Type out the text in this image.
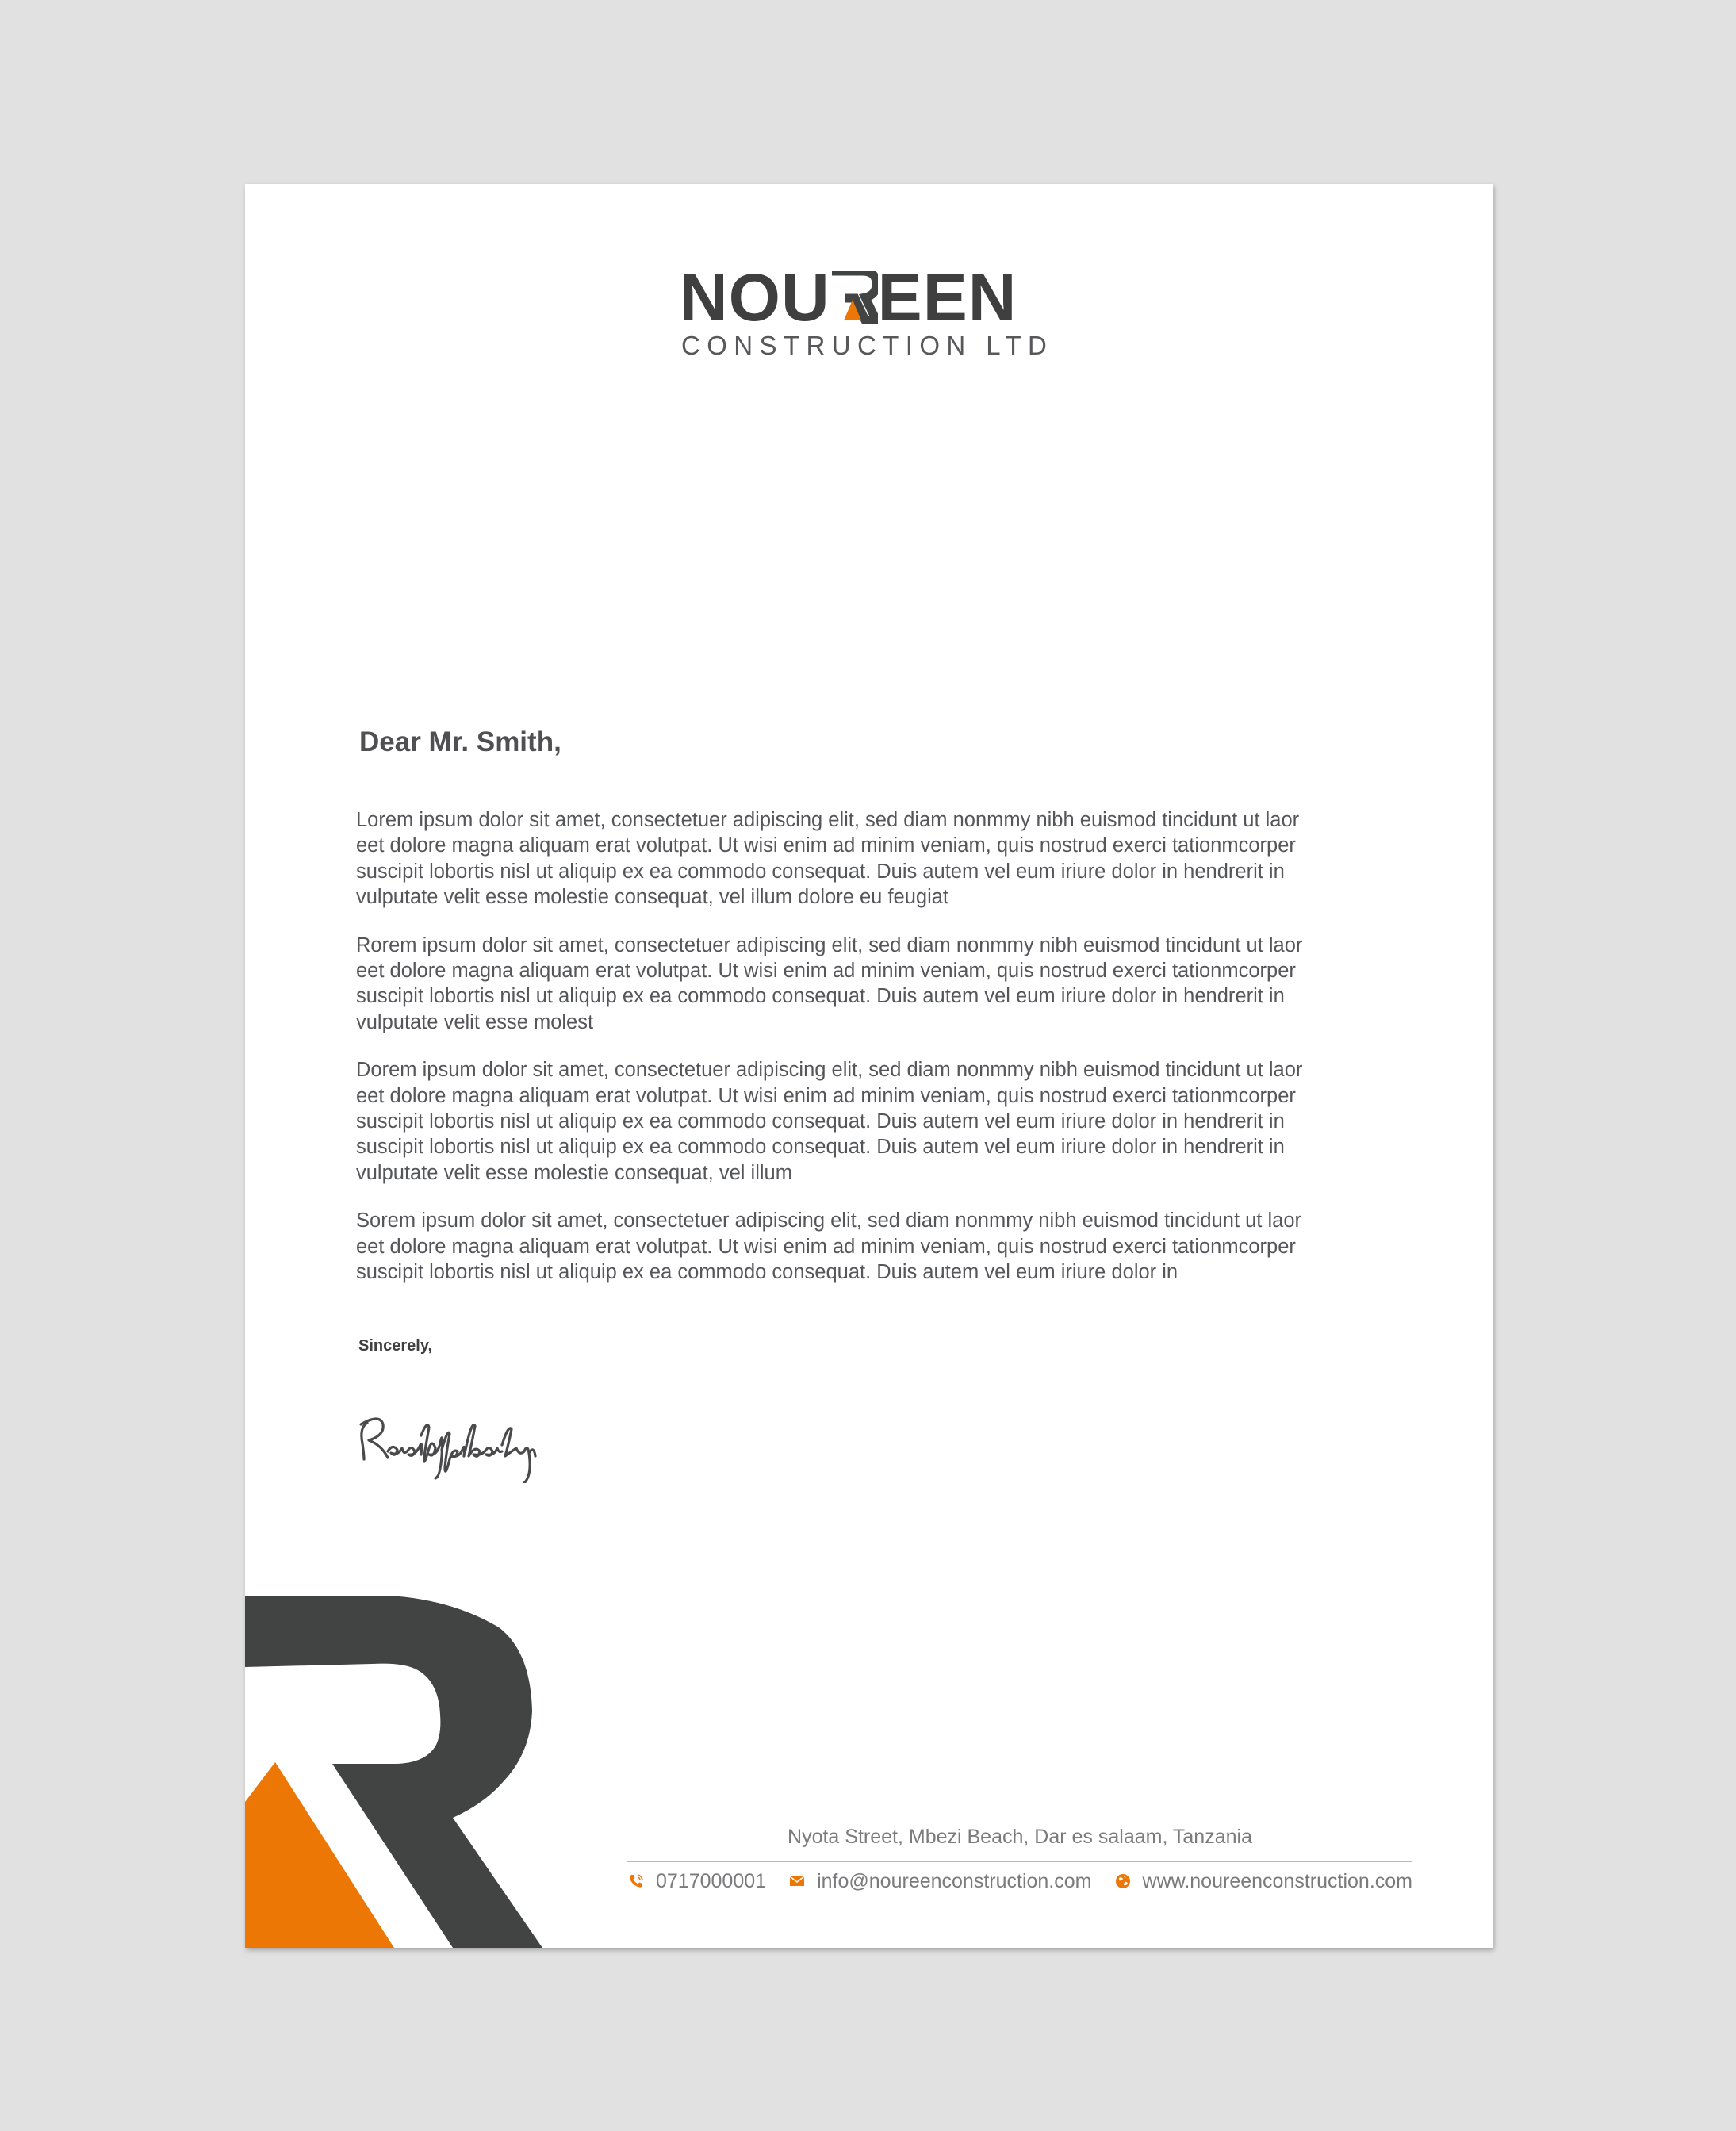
NOU EEN
CONSTRUCTION LTD
Dear Mr. Smith,

Lorem ipsum dolor sit amet, consectetuer adipiscing elit, sed diam nonmmy nibh euismod tincidunt ut laor
eet dolore magna aliquam erat volutpat. Ut wisi enim ad minim veniam, quis nostrud exerci tationmcorper
suscipit lobortis nisl ut aliquip ex ea commodo consequat. Duis autem vel eum iriure dolor in hendrerit in
vulputate velit esse molestie consequat, vel illum dolore eu feugiat

Rorem ipsum dolor sit amet, consectetuer adipiscing elit, sed diam nonmmy nibh euismod tincidunt ut laor
eet dolore magna aliquam erat volutpat. Ut wisi enim ad minim veniam, quis nostrud exerci tationmcorper
suscipit lobortis nisl ut aliquip ex ea commodo consequat. Duis autem vel eum iriure dolor in hendrerit in
vulputate velit esse molest

Dorem ipsum dolor sit amet, consectetuer adipiscing elit, sed diam nonmmy nibh euismod tincidunt ut laor
eet dolore magna aliquam erat volutpat. Ut wisi enim ad minim veniam, quis nostrud exerci tationmcorper
suscipit lobortis nisl ut aliquip ex ea commodo consequat. Duis autem vel eum iriure dolor in hendrerit in
suscipit lobortis nisl ut aliquip ex ea commodo consequat. Duis autem vel eum iriure dolor in hendrerit in
vulputate velit esse molestie consequat, vel illum

Sorem ipsum dolor sit amet, consectetuer adipiscing elit, sed diam nonmmy nibh euismod tincidunt ut laor
eet dolore magna aliquam erat volutpat. Ut wisi enim ad minim veniam, quis nostrud exerci tationmcorper
suscipit lobortis nisl ut aliquip ex ea commodo consequat. Duis autem vel eum iriure dolor in

Sincerely,
Nyota Street, Mbezi Beach, Dar es salaam, Tanzania
0717000001	info@noureenconstruction.com	www.noureenconstruction.com
